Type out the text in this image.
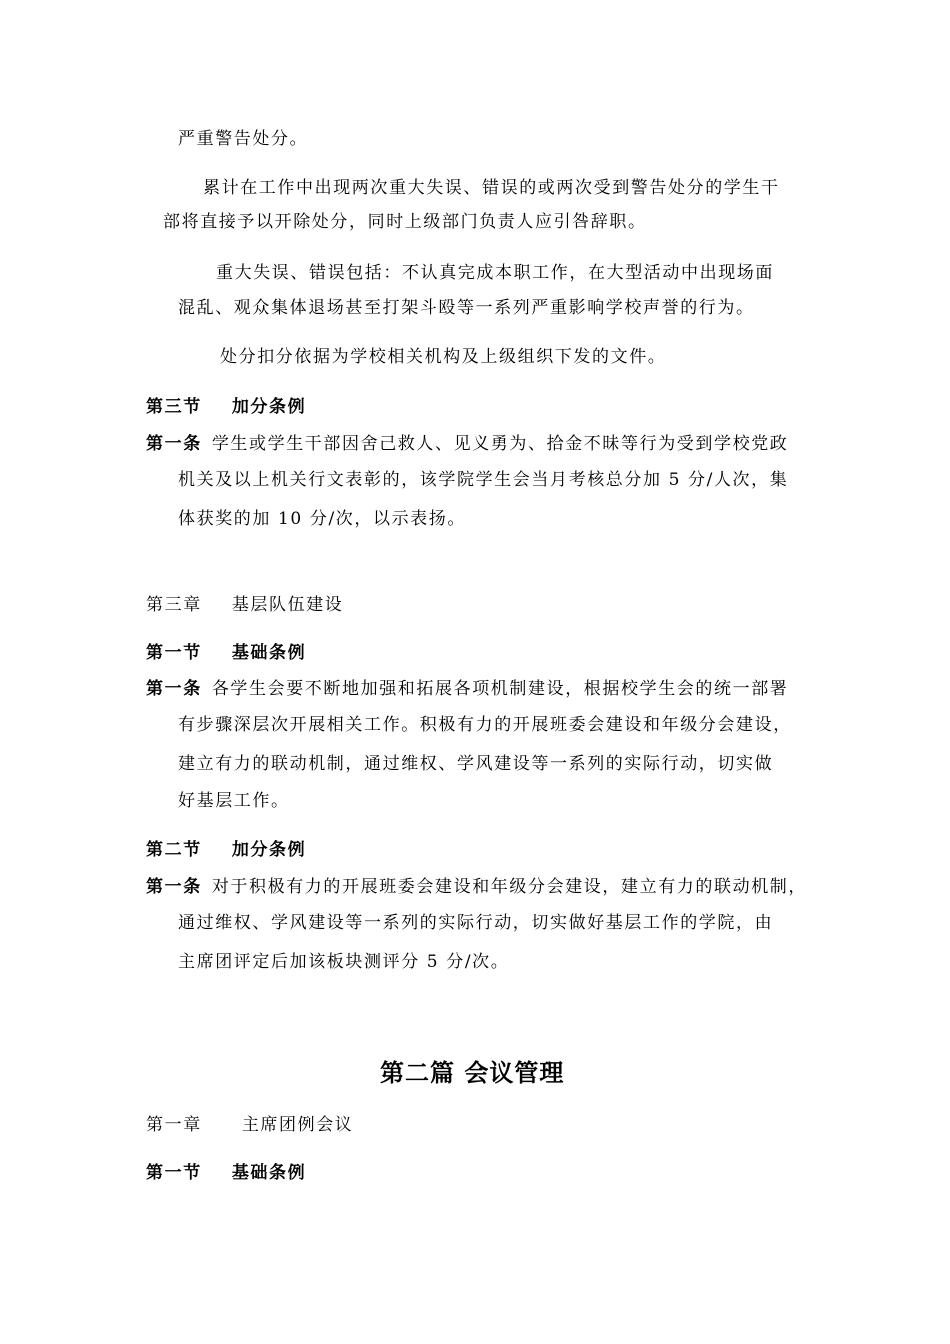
严重警告处分。
累计在工作中出现两次重大失误、错误的或两次受到警告处分的学生干
部将直接予以开除处分，同时上级部门负责人应引咎辞职。
重大失误、错误包括：不认真完成本职工作，在大型活动中出现场面
混乱、观众集体退场甚至打架斗殴等一系列严重影响学校声誉的行为。
处分扣分依据为学校相关机构及上级组织下发的文件。
第三节 加分条例
第一条 学生或学生干部因舍己救人、见义勇为、拾金不昧等行为受到学校党政
机关及以上机关行文表彰的，该学院学生会当月考核总分加 5 分/人次，集
体获奖的加 10 分/次，以示表扬。
第三章 基层队伍建设
第一节 基础条例
第一条 各学生会要不断地加强和拓展各项机制建设，根据校学生会的统一部署
有步骤深层次开展相关工作。积极有力的开展班委会建设和年级分会建设，
建立有力的联动机制，通过维权、学风建设等一系列的实际行动，切实做
好基层工作。
第二节 加分条例
第一条 对于积极有力的开展班委会建设和年级分会建设，建立有力的联动机制，
通过维权、学风建设等一系列的实际行动，切实做好基层工作的学院，由
主席团评定后加该板块测评分 5 分/次。
第二篇 会议管理
第一章 主席团例会议
第一节 基础条例
